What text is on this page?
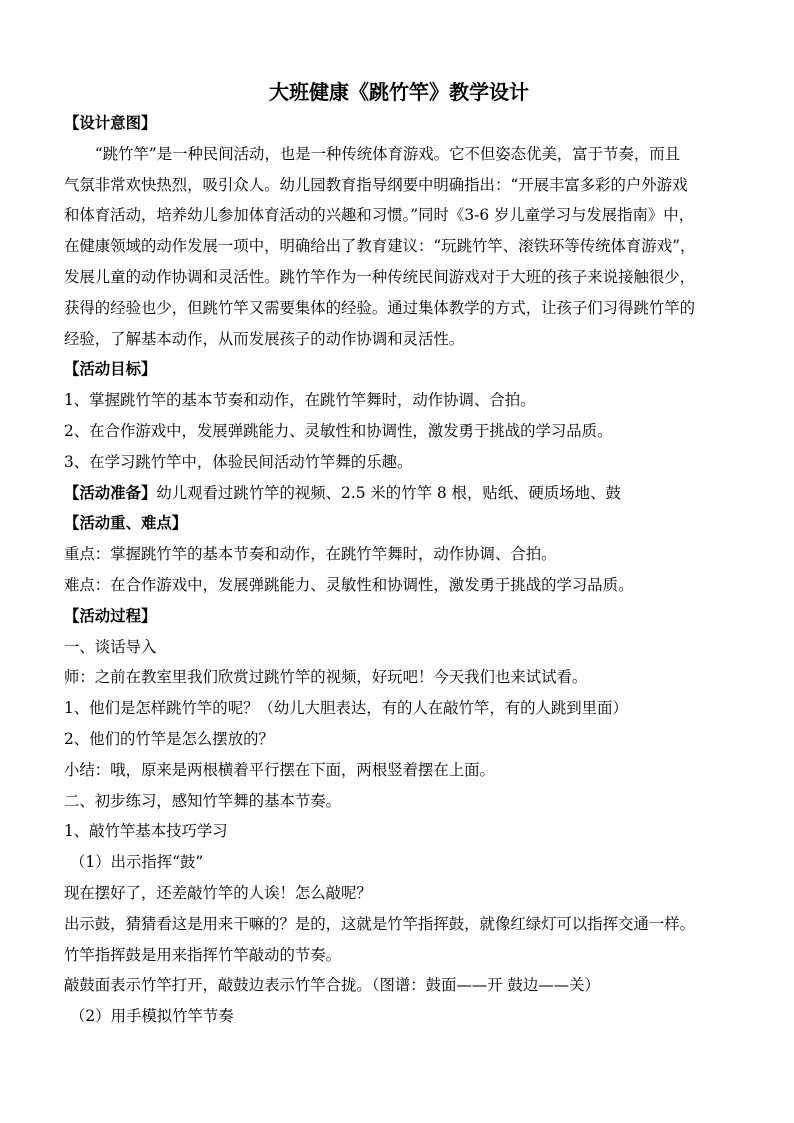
大班健康《跳竹竿》教学设计

【设计意图】

“跳竹竿”是一种民间活动，也是一种传统体育游戏。它不但姿态优美，富于节奏，而且

气氛非常欢快热烈，吸引众人。幼儿园教育指导纲要中明确指出：“开展丰富多彩的户外游戏

和体育活动，培养幼儿参加体育活动的兴趣和习惯。”同时《3-6 岁儿童学习与发展指南》中，

在健康领域的动作发展一项中，明确给出了教育建议：“玩跳竹竿、滚铁环等传统体育游戏”，

发展儿童的动作协调和灵活性。跳竹竿作为一种传统民间游戏对于大班的孩子来说接触很少，

获得的经验也少，但跳竹竿又需要集体的经验。通过集体教学的方式，让孩子们习得跳竹竿的

经验，了解基本动作，从而发展孩子的动作协调和灵活性。

【活动目标】

1、掌握跳竹竿的基本节奏和动作，在跳竹竿舞时，动作协调、合拍。

2、在合作游戏中，发展弹跳能力、灵敏性和协调性，激发勇于挑战的学习品质。

3、在学习跳竹竿中，体验民间活动竹竿舞的乐趣。

【活动准备】幼儿观看过跳竹竿的视频、2.5 米的竹竿 8 根，贴纸、硬质场地、鼓

【活动重、难点】

重点：掌握跳竹竿的基本节奏和动作，在跳竹竿舞时，动作协调、合拍。

难点：在合作游戏中，发展弹跳能力、灵敏性和协调性，激发勇于挑战的学习品质。

【活动过程】

一、谈话导入

师：之前在教室里我们欣赏过跳竹竿的视频，好玩吧！今天我们也来试试看。

1、他们是怎样跳竹竿的呢？（幼儿大胆表达，有的人在敲竹竿，有的人跳到里面）

2、他们的竹竿是怎么摆放的？

小结：哦，原来是两根横着平行摆在下面，两根竖着摆在上面。

二、初步练习，感知竹竿舞的基本节奏。

1、敲竹竿基本技巧学习

（1）出示指挥“鼓”

现在摆好了，还差敲竹竿的人诶！怎么敲呢？

出示鼓，猜猜看这是用来干嘛的？是的，这就是竹竿指挥鼓，就像红绿灯可以指挥交通一样。

竹竿指挥鼓是用来指挥竹竿敲动的节奏。

敲鼓面表示竹竿打开，敲鼓边表示竹竿合拢。（图谱：鼓面——开 鼓边——关）

（2）用手模拟竹竿节奏
